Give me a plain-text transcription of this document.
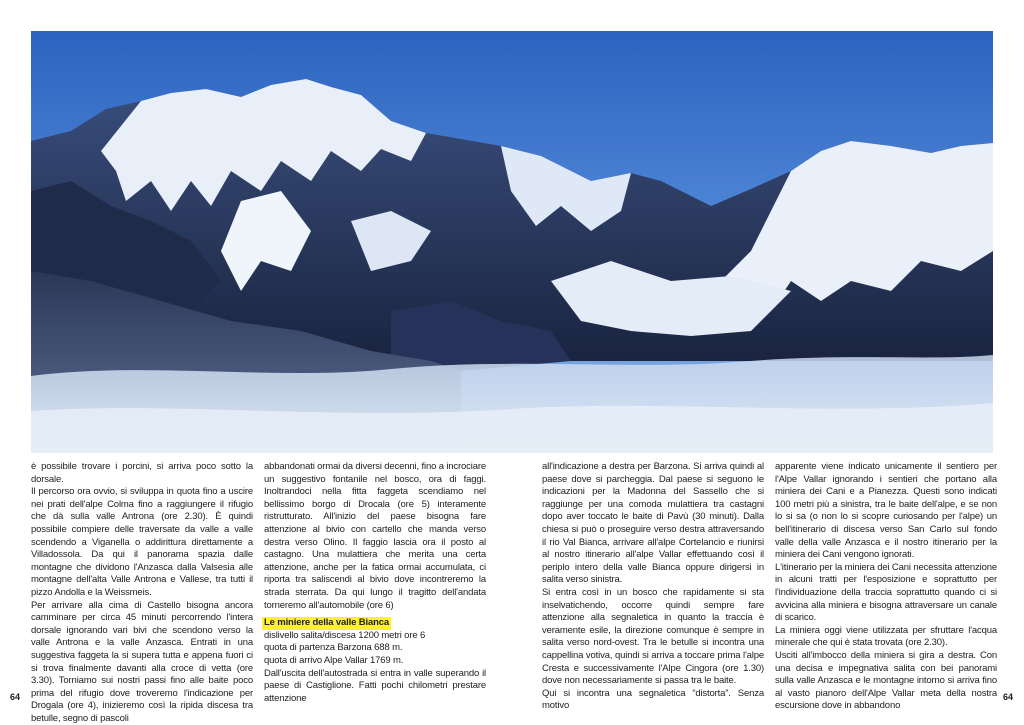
è possibile trovare i porcini, si arriva poco sotto la dorsale.

Il percorso ora ovvio, si sviluppa in quota fino a uscire nei prati dell'alpe Colma fino a raggiungere il rifugio che dà sulla valle Antrona (ore 2.30). È quindi possibile compiere delle traversate da valle a valle scendendo a Viganella o addirittura direttamente a Villadossola. Da qui il panorama spazia dalle montagne che dividono l'Anzasca dalla Valsesia alle montagne dell'alta Valle Antrona e Vallese, tra tutti il pizzo Andolla e la Weissmeis.

Per arrivare alla cima di Castello bisogna ancora camminare per circa 45 minuti percorrendo l'intera dorsale ignorando vari bivi che scendono verso la valle Antrona e la valle Anzasca. Entrati in una suggestiva faggeta la si supera tutta e appena fuori ci si trova finalmente davanti alla croce di vetta (ore 3.30). Torniamo sui nostri passi fino alle baite poco prima del rifugio dove troveremo l'indicazione per Drogala (ore 4), inizieremo così la ripida discesa tra betulle, segno di pascoli

abbandonati ormai da diversi decenni, fino a incrociare un suggestivo fontanile nel bosco, ora di faggi. Inoltrandoci nella fitta faggeta scendiamo nel bellissimo borgo di Drocala (ore 5) interamente ristrutturato. All'inizio del paese bisogna fare attenzione al bivio con cartello che manda verso destra verso Olino. Il faggio lascia ora il posto al castagno. Una mulattiera che merita una certa attenzione, anche per la fatica ormai accumulata, ci riporta tra saliscendi al bivio dove incontreremo la strada sterrata. Da qui lungo il tragitto dell'andata torneremo all'automobile (ore 6)

Le miniere della valle Bianca

dislivello salita/discesa 1200 metri ore 6

quota di partenza Barzona 688 m.

quota di arrivo Alpe Vallar 1769 m.

Dall'uscita dell'autostrada si entra in valle superando il paese di Castiglione. Fatti pochi chilometri prestare attenzione

all'indicazione a destra per Barzona. Si arriva quindi al paese dove si parcheggia. Dal paese si seguono le indicazioni per la Madonna del Sassello che si raggiunge per una comoda mulattiera tra castagni dopo aver toccato le baite di Pavù (30 minuti). Dalla chiesa si può o proseguire verso destra attraversando il rio Val Bianca, arrivare all'alpe Cortelancio e riunirsi al nostro itinerario all'alpe Vallar effettuando così il periplo intero della valle Bianca oppure dirigersi in salita verso sinistra.

Si entra così in un bosco che rapidamente si sta inselvatichendo, occorre quindi sempre fare attenzione alla segnaletica in quanto la traccia è veramente esile, la direzione comunque è sempre in salita verso nord-ovest. Tra le betulle si incontra una cappellina votiva, quindi si arriva a toccare prima l'alpe Cresta e successivamente l'Alpe Cingora (ore 1.30) dove non necessariamente si passa tra le baite.

Qui si incontra una segnaletica “distorta”. Senza motivo

apparente viene indicato unicamente il sentiero per l'Alpe Vallar ignorando i sentieri che portano alla miniera dei Cani e a Pianezza. Questi sono indicati 100 metri più a sinistra, tra le baite dell'alpe, e se non lo si sa (o non lo si scopre curiosando per l'alpe) un bell'itinerario di discesa verso San Carlo sul fondo valle della valle Anzasca e il nostro itinerario per la miniera dei Cani vengono ignorati.

L'itinerario per la miniera dei Cani necessita attenzione in alcuni tratti per l'esposizione e soprattutto per l'individuazione della traccia soprattutto quando ci si avvicina alla miniera e bisogna attraversare un canale di scarico.

La miniera oggi viene utilizzata per sfruttare l'acqua minerale che qui è stata trovata (ore 2.30).

Usciti all'imbocco della miniera si gira a destra. Con una decisa e impegnativa salita con bei panorami sulla valle Anzasca e le montagne intorno si arriva fino al vasto pianoro dell'Alpe Vallar meta della nostra escursione dove in abbandono

64	64
